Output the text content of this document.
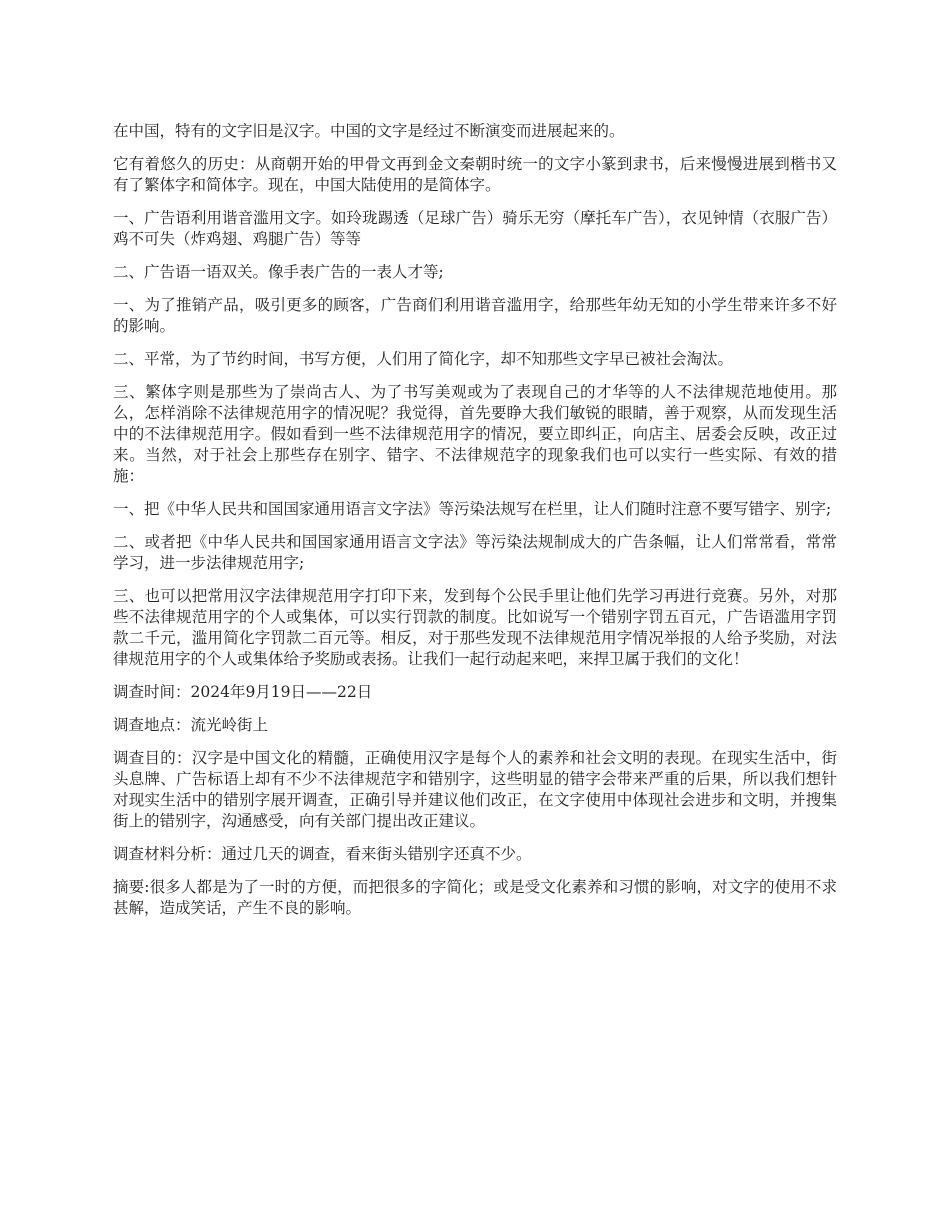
在中国，特有的文字旧是汉字。中国的文字是经过不断演变而进展起来的。

它有着悠久的历史：从商朝开始的甲骨文再到金文秦朝时统一的文字小篆到隶书，后来慢慢进展到楷书又有了繁体字和简体字。现在，中国大陆使用的是简体字。

一、广告语利用谐音滥用文字。如玲珑踢透（足球广告）骑乐无穷（摩托车广告），衣见钟情（衣服广告）鸡不可失（炸鸡翅、鸡腿广告）等等

二、广告语一语双关。像手表广告的一表人才等;

一、为了推销产品，吸引更多的顾客，广告商们利用谐音滥用字，给那些年幼无知的小学生带来许多不好的影响。

二、平常，为了节约时间，书写方便，人们用了简化字，却不知那些文字早已被社会淘汰。

三、繁体字则是那些为了崇尚古人、为了书写美观或为了表现自己的才华等的人不法律规范地使用。那么，怎样消除不法律规范用字的情况呢？我觉得，首先要睁大我们敏锐的眼睛，善于观察，从而发现生活中的不法律规范用字。假如看到一些不法律规范用字的情况，要立即纠正，向店主、居委会反映，改正过来。当然，对于社会上那些存在别字、错字、不法律规范字的现象我们也可以实行一些实际、有效的措施：

一、把《中华人民共和国国家通用语言文字法》等污染法规写在栏里，让人们随时注意不要写错字、别字;

二、或者把《中华人民共和国国家通用语言文字法》等污染法规制成大的广告条幅，让人们常常看，常常学习，进一步法律规范用字;

三、也可以把常用汉字法律规范用字打印下来，发到每个公民手里让他们先学习再进行竞赛。另外，对那些不法律规范用字的个人或集体，可以实行罚款的制度。比如说写一个错别字罚五百元，广告语滥用字罚款二千元，滥用简化字罚款二百元等。相反，对于那些发现不法律规范用字情况举报的人给予奖励，对法律规范用字的个人或集体给予奖励或表扬。让我们一起行动起来吧，来捍卫属于我们的文化！

调查时间：2024年9月19日——22日

调查地点：流光岭街上

调查目的：汉字是中国文化的精髓，正确使用汉字是每个人的素养和社会文明的表现。在现实生活中，街头息牌、广告标语上却有不少不法律规范字和错别字，这些明显的错字会带来严重的后果，所以我们想针对现实生活中的错别字展开调查，正确引导并建议他们改正，在文字使用中体现社会进步和文明，并搜集街上的错别字，沟通感受，向有关部门提出改正建议。

调查材料分析：通过几天的调查，看来街头错别字还真不少。

摘要:很多人都是为了一时的方便，而把很多的字简化；或是受文化素养和习惯的影响，对文字的使用不求甚解，造成笑话，产生不良的影响。
